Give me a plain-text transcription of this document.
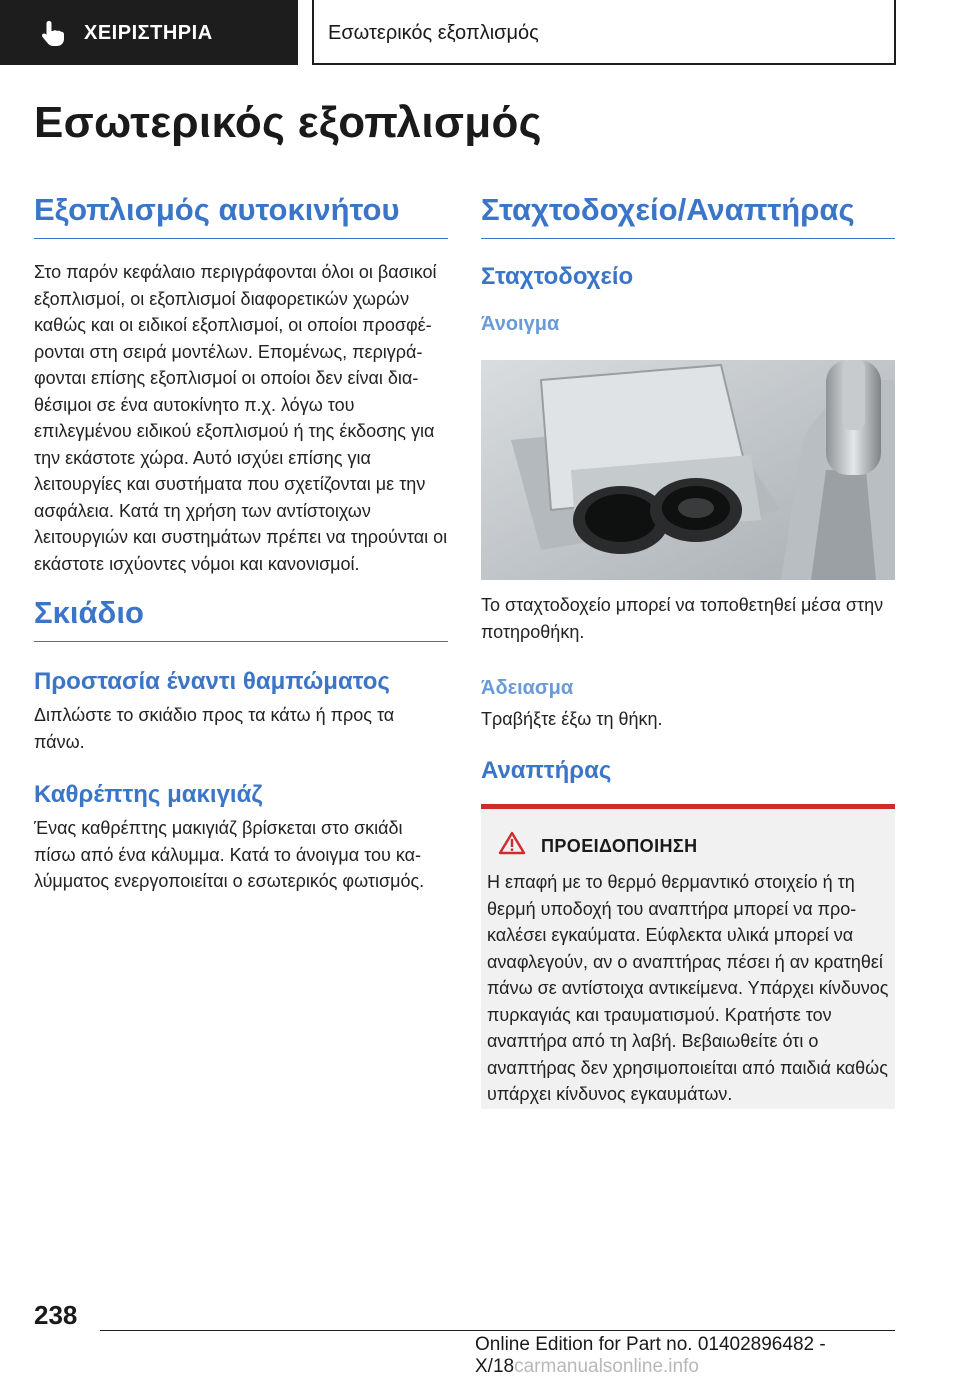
ΧΕΙΡΙΣΤΗΡΙΑ	Εσωτερικός εξοπλισμός
Εσωτερικός εξοπλισμός
Εξοπλισμός αυτοκινήτου

Στο παρόν κεφάλαιο περιγράφονται όλοι οι βασικοί εξοπλισμοί, οι εξοπλισμοί διαφορετικών χωρών καθώς και οι ειδικοί εξοπλισμοί, οι οποίοι προσφέρονται στη σειρά μοντέλων. Επομένως, περιγράφονται επίσης εξοπλισμοί οι οποίοι δεν είναι διαθέσιμοι σε ένα αυτοκίνητο π.χ. λόγω του επιλεγμένου ειδικού εξοπλισμού ή της έκδοσης για την εκάστοτε χώρα. Αυτό ισχύει επίσης για λειτουργίες και συστήματα που σχετίζονται με την ασφάλεια. Κατά τη χρήση των αντίστοιχων λειτουργιών και συστημάτων πρέπει να τηρούνται οι εκάστοτε ισχύοντες νόμοι και κανονισμοί.

Σκιάδιο
Προστασία έναντι θαμπώματος

Διπλώστε το σκιάδιο προς τα κάτω ή προς τα πάνω.

Καθρέπτης μακιγιάζ

Ένας καθρέπτης μακιγιάζ βρίσκεται στο σκιάδι πίσω από ένα κάλυμμα. Κατά το άνοιγμα του καλύμματος ενεργοποιείται ο εσωτερικός φωτισμός.

Σταχτοδοχείο/Αναπτήρας
Σταχτοδοχείο
Άνοιγμα

Το σταχτοδοχείο μπορεί να τοποθετηθεί μέσα στην ποτηροθήκη.

Άδειασμα

Τραβήξτε έξω τη θήκη.

Αναπτήρας
ΠΡΟΕΙΔΟΠΟΙΗΣΗ

Η επαφή με το θερμό θερμαντικό στοιχείο ή τη θερμή υποδοχή του αναπτήρα μπορεί να προκαλέσει εγκαύματα. Εύφλεκτα υλικά μπορεί να αναφλεγούν, αν ο αναπτήρας πέσει ή αν κρατηθεί πάνω σε αντίστοιχα αντικείμενα. Υπάρχει κίνδυνος πυρκαγιάς και τραυματισμού. Κρατήστε τον αναπτήρα από τη λαβή. Βεβαιωθείτε ότι ο αναπτήρας δεν χρησιμοποιείται από παιδιά καθώς υπάρχει κίνδυνος εγκαυμάτων.

238
Online Edition for Part no. 01402896482 - X/18carmanualsonline.info
